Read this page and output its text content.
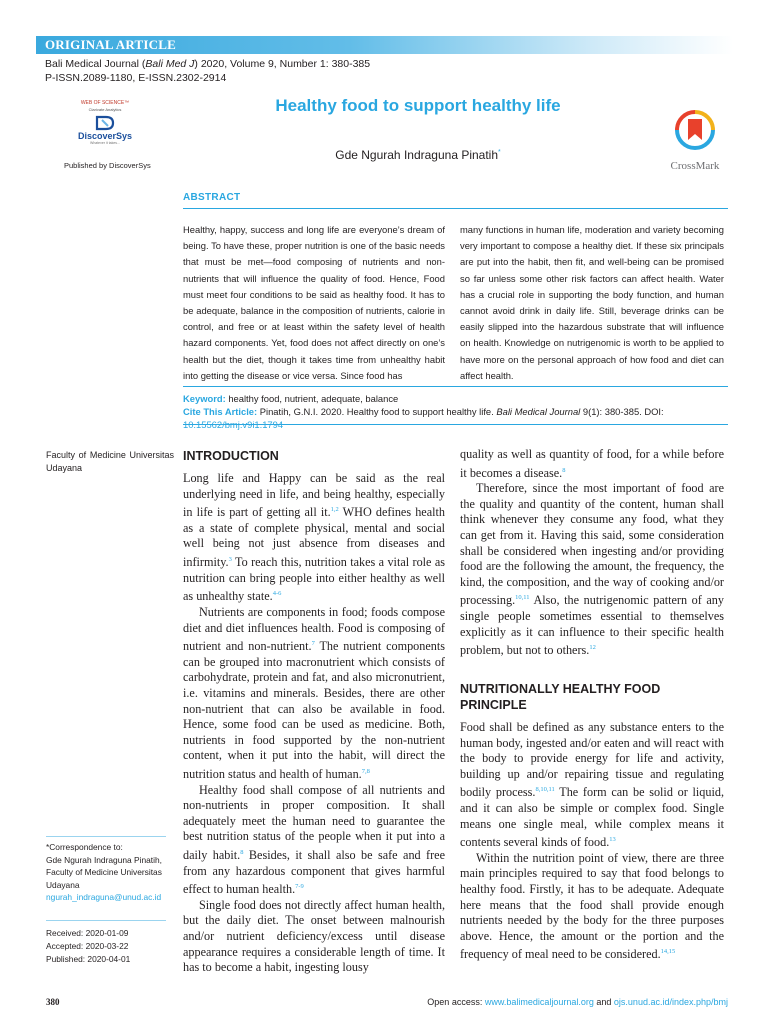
ORIGINAL ARTICLE
Bali Medical Journal (Bali Med J) 2020, Volume 9, Number 1: 380-385
P-ISSN.2089-1180, E-ISSN.2302-2914
WEB OF SCIENCE™
Clarivate Analytics
DiscoverSys
Whatever it takes...
Published by DiscoverSys
Healthy food to support healthy life
Gde Ngurah Indraguna Pinatih*
CrossMark
ABSTRACT
Healthy, happy, success and long life are everyone’s dream of being. To have these, proper nutrition is one of the basic needs that must be met—food composing of nutrients and non-nutrients that will influence the quality of food. Hence, Food must meet four conditions to be said as healthy food. It has to be adequate, balance in the composition of nutrients, calorie in control, and free or at least within the safety level of health hazard components. Yet, food does not affect directly on one’s health but the diet, though it takes time from unhealthy habit into getting the disease or vice versa. Since food has
many functions in human life, moderation and variety becoming very important to compose a healthy diet. If these six principals are put into the habit, then fit, and well-being can be promised so far unless some other risk factors can affect health. Water has a crucial role in supporting the body function, and human cannot avoid drink in daily life. Still, beverage drinks can be easily slipped into the hazardous substrate that will influence on health. Knowledge on nutrigenomic is worth to be applied to have more on the personal approach of how food and diet can affect health.
Keyword: healthy food, nutrient, adequate, balance
Cite This Article: Pinatih, G.N.I. 2020. Healthy food to support healthy life. Bali Medical Journal 9(1): 380-385. DOI:
Faculty of Medicine Universitas Udayana
*Correspondence to:
Gde Ngurah Indraguna Pinatih,
Faculty of Medicine Universitas
Udayana
ngurah_indraguna@unud.ac.id
Received: 2020-01-09
Accepted: 2020-03-22
Published: 2020-04-01
INTRODUCTION

Long life and Happy can be said as the real underlying need in life, and being healthy, especially in life is part of getting all it.$^{1,2}$ WHO defines health as a state of complete physical, mental and social well being not just absence from diseases and infirmity.$^3$ To reach this, nutrition takes a vital role as nutrition can bring people into either healthy as well as unhealthy state.$^{4-6}$

Nutrients are components in food; foods compose diet and diet influences health. Food is composing of nutrient and non-nutrient.$^7$ The nutrient components can be grouped into macronutrient which consists of carbohydrate, protein and fat, and also micronutrient, i.e. vitamins and minerals. Besides, there are other non-nutrient that can also be available in food. Hence, some food can be used as medicine. Both, nutrients in food supported by the non-nutrient content, when it put into the habit, will direct the nutrition status and health of human.$^{7,8}$

Healthy food shall compose of all nutrients and non-nutrients in proper composition. It shall adequately meet the human need to guarantee the best nutrition status of the people when it put into a daily habit.$^8$ Besides, it shall also be safe and free from any hazardous component that gives harmful effect to human health.$^{7-9}$

Single food does not directly affect human health, but the daily diet. The onset between malnourish and/or nutrient deficiency/excess until disease appearance requires a considerable length of time. It has to become a habit, ingesting lousy

quality as well as quantity of food, for a while before it becomes a disease.$^8$

Therefore, since the most important of food are the quality and quantity of the content, human shall think whenever they consume any food, what they can get from it. Having this said, some consideration shall be considered when ingesting and/or providing food are the following the amount, the frequency, the kind, the composition, and the way of cooking and/or processing.$^{10,11}$ Also, the nutrigenomic pattern of any single people sometimes essential to themselves explicitly as it can influence to their specific health problem, but not to others.$^{12}$

NUTRITIONALLY HEALTHY FOOD PRINCIPLE

Food shall be defined as any substance enters to the human body, ingested and/or eaten and will react with the body to provide energy for life and activity, building up and/or repairing tissue and regulating bodily process.$^{8,10,11}$ The form can be solid or liquid, and it can also be simple or complex food. Single means one single meal, while complex means it contents several kinds of food.$^{13}$

Within the nutrition point of view, there are three main principles required to say that food belongs to healthy food. Firstly, it has to be adequate. Adequate here means that the food shall provide enough nutrients needed by the body for the three purposes above. Hence, the amount or the portion and the frequency of meal need to be considered.$^{14,15}$

380	Open access: www.balimedicaljournal.org and ojs.unud.ac.id/index.php/bmj
